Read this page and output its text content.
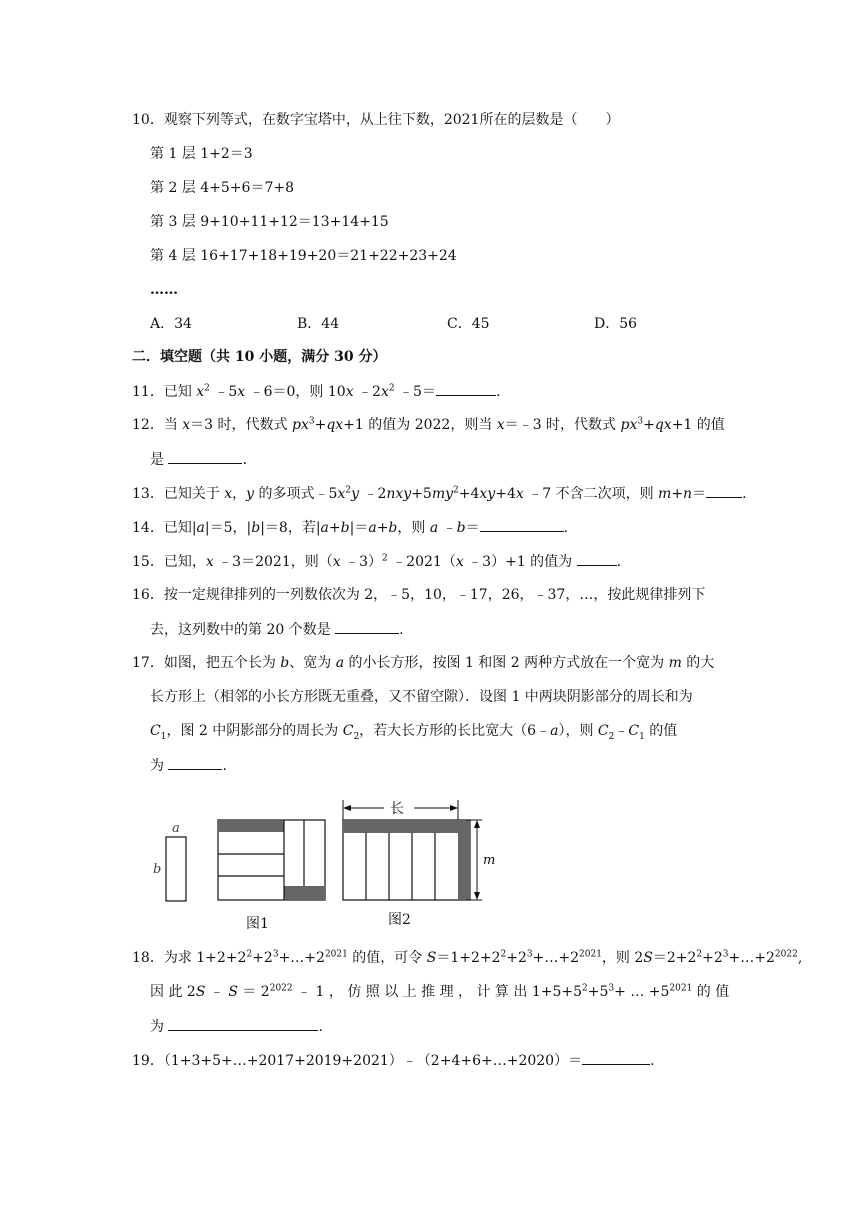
10．观察下列等式，在数字宝塔中，从上往下数，2021所在的层数是（　　）
第 1 层 1+2＝3
第 2 层 4+5+6＝7+8
第 3 层 9+10+11+12＝13+14+15
第 4 层 16+17+18+19+20＝21+22+23+24
……
A．34	B．44	C．45	D．56
二．填空题（共 10 小题，满分 30 分）
11．已知 $x^2$ ﹣5x ﹣6＝0，则 10x $﹣2x^2$ ﹣5＝	.
12．当 x＝3 时，代数式 $px^3+qx+1$ 的值为 2022，则当 x＝﹣3 时，代数式 $px^3+qx+1$ 的值
是	.
13．已知关于 x，y 的多项式$﹣5x^2y$ $﹣2nxy+5my^2+4xy+4x$ ﹣7 不含二次项，则 m+n＝	.
14．已知|a|＝5，|b|＝8，若|a+b|＝a+b，则 a ﹣b＝	.
15．已知，x ﹣3＝2021，则（x ﹣3）$^2$ ﹣2021（x ﹣3）+1 的值为	.
16．按一定规律排列的一列数依次为 2，﹣5，10，﹣17，26，﹣37，…，按此规律排列下
去，这列数中的第 20 个数是	.
17．如图，把五个长为 b、宽为 a 的小长方形，按图 1 和图 2 两种方式放在一个宽为 m 的大
长方形上（相邻的小长方形既无重叠，又不留空隙）．设图 1 中两块阴影部分的周长和为
$C_1$，图 2 中阴影部分的周长为 $C_2$，若大长方形的长比宽大（6﹣a），则 $C_2﹣C_1$ 的值
为	.
a
b
图1
长
m
图2
18．为求 $1+2+2^2+2^3+\dots+2^{2021}$ 的值，可令 $S=1+2+2^2+2^3+\dots+2^{2021}$，则 $2S=2+2^2+2^3+\dots+2^{2022}$,
因 此 2S ﹣ $S = 2^{2022}$ ﹣ 1 ， 仿 照 以 上 推 理 ， 计 算 出 $1+5+5^2+5^3+$ … $+5^{2021}$ 的 值
为	.
19．（1+3+5+…+2017+2019+2021）﹣（2+4+6+…+2020）＝	.
